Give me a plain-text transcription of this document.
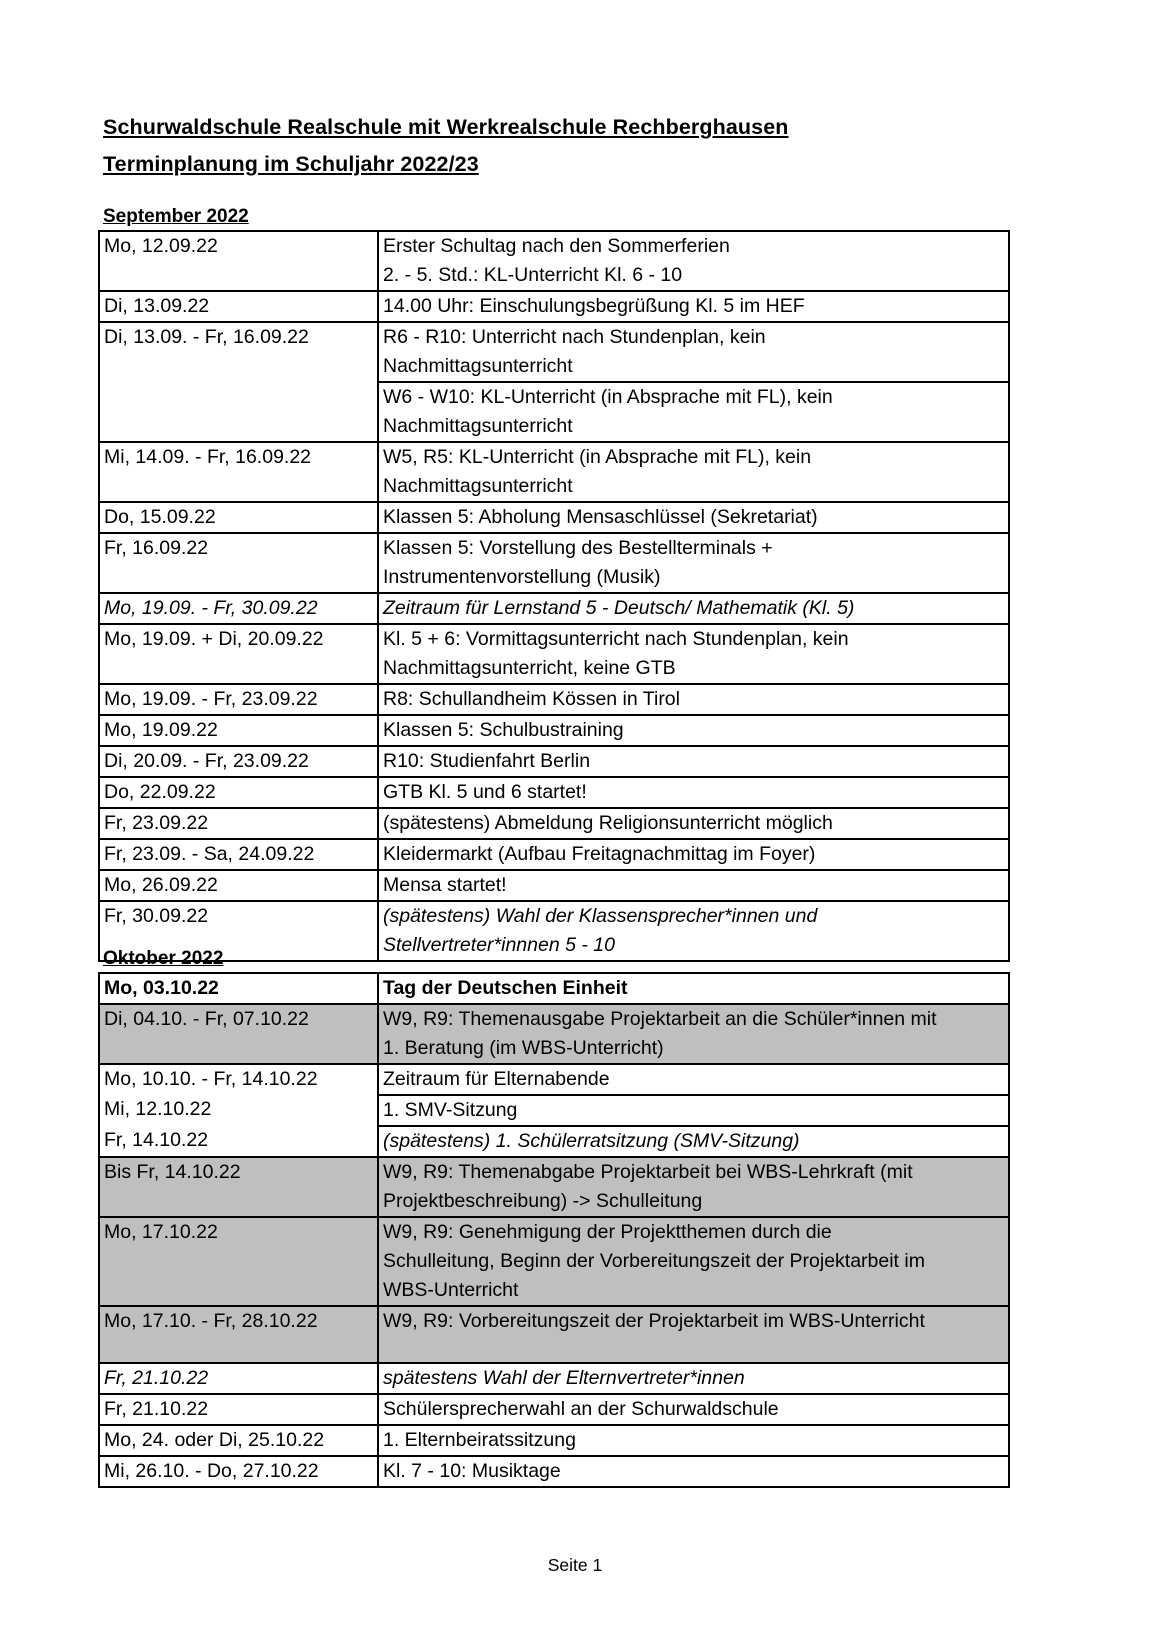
Schurwaldschule Realschule mit Werkrealschule Rechberghausen
Terminplanung im Schuljahr 2022/23
September 2022
Mo, 12.09.22	Erster Schultag nach den Sommerferien
2. - 5. Std.: KL-Unterricht Kl. 6 - 10

Di, 13.09.22	14.00 Uhr: Einschulungsbegrüßung Kl. 5 im HEF

Di, 13.09. - Fr, 16.09.22	R6 - R10: Unterricht nach Stundenplan, kein
Nachmittagsunterricht

	W6 - W10: KL-Unterricht (in Absprache mit FL), kein
Nachmittagsunterricht

Mi, 14.09. - Fr, 16.09.22	W5, R5: KL-Unterricht (in Absprache mit FL), kein
Nachmittagsunterricht

Do, 15.09.22	Klassen 5: Abholung Mensaschlüssel (Sekretariat)

Fr, 16.09.22	Klassen 5: Vorstellung des Bestellterminals +
Instrumentenvorstellung (Musik)

Mo, 19.09. - Fr, 30.09.22	Zeitraum für Lernstand 5 - Deutsch/ Mathematik (Kl. 5)

Mo, 19.09. + Di, 20.09.22	Kl. 5 + 6: Vormittagsunterricht nach Stundenplan, kein
Nachmittagsunterricht, keine GTB

Mo, 19.09. - Fr, 23.09.22	R8: Schullandheim Kössen in Tirol

Mo, 19.09.22	Klassen 5: Schulbustraining

Di, 20.09. - Fr, 23.09.22	R10: Studienfahrt Berlin

Do, 22.09.22	GTB Kl. 5 und 6 startet!

Fr, 23.09.22	(spätestens) Abmeldung Religionsunterricht möglich

Fr, 23.09. - Sa, 24.09.22	Kleidermarkt (Aufbau Freitagnachmittag im Foyer)

Mo, 26.09.22	Mensa startet!

Fr, 30.09.22	(spätestens) Wahl der Klassensprecher*innen und
Stellvertreter*innnen 5 - 10
Oktober 2022
Mo, 03.10.22	Tag der Deutschen Einheit

Di, 04.10. - Fr, 07.10.22	W9, R9: Themenausgabe Projektarbeit an die Schüler*innen mit
1. Beratung (im WBS-Unterricht)

Mo, 10.10. - Fr, 14.10.22	Zeitraum für Elternabende

Mi, 12.10.22	1. SMV-Sitzung

Fr, 14.10.22	(spätestens) 1. Schülerratsitzung (SMV-Sitzung)

Bis Fr, 14.10.22	W9, R9: Themenabgabe Projektarbeit bei WBS-Lehrkraft (mit
Projektbeschreibung) -> Schulleitung

Mo, 17.10.22	W9, R9: Genehmigung der Projektthemen durch die
Schulleitung, Beginn der Vorbereitungszeit der Projektarbeit im
WBS-Unterricht

Mo, 17.10. - Fr, 28.10.22	W9, R9: Vorbereitungszeit der Projektarbeit im WBS-Unterricht

Fr, 21.10.22	spätestens Wahl der Elternvertreter*innen

Fr, 21.10.22	Schülersprecherwahl an der Schurwaldschule

Mo, 24. oder Di, 25.10.22	1. Elternbeiratssitzung

Mi, 26.10. - Do, 27.10.22	Kl. 7 - 10: Musiktage
Seite 1
